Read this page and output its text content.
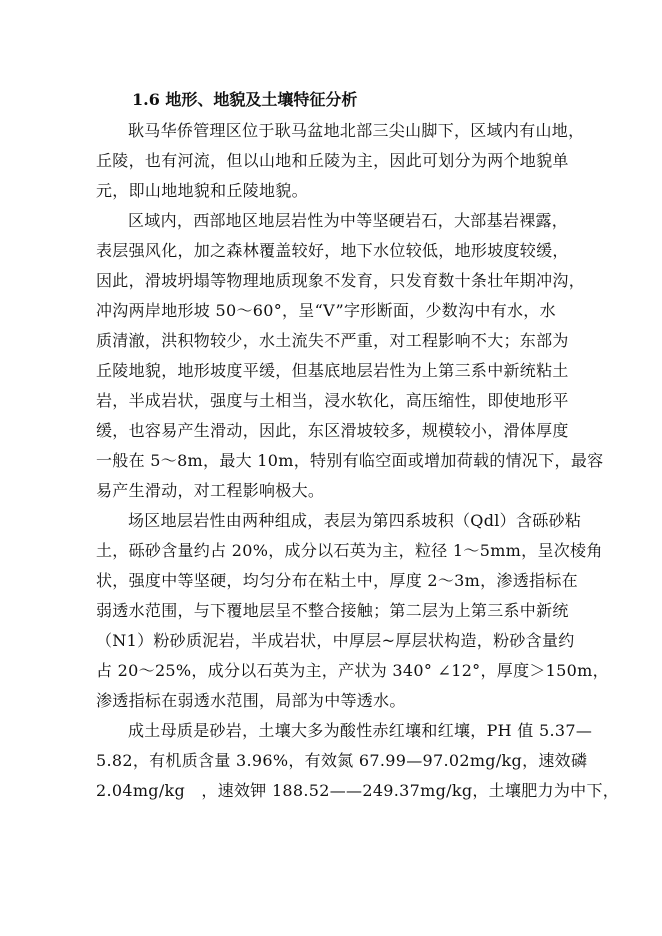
1.6 地形、地貌及土壤特征分析
耿马华侨管理区位于耿马盆地北部三尖山脚下，区域内有山地，
丘陵，也有河流，但以山地和丘陵为主，因此可划分为两个地貌单
元，即山地地貌和丘陵地貌。
区域内，西部地区地层岩性为中等坚硬岩石，大部基岩裸露，
表层强风化，加之森林覆盖较好，地下水位较低，地形坡度较缓，
因此，滑坡坍塌等物理地质现象不发育，只发育数十条壮年期冲沟，
冲沟两岸地形坡 50～60°，呈“V”字形断面，少数沟中有水，水
质清澈，洪积物较少，水土流失不严重，对工程影响不大；东部为
丘陵地貌，地形坡度平缓，但基底地层岩性为上第三系中新统粘土
岩，半成岩状，强度与土相当，浸水软化，高压缩性，即使地形平
缓，也容易产生滑动，因此，东区滑坡较多，规模较小，滑体厚度
一般在 5～8m，最大 10m，特别有临空面或增加荷载的情况下，最容
易产生滑动，对工程影响极大。
场区地层岩性由两种组成，表层为第四系坡积（Qdl）含砾砂粘
土，砾砂含量约占 20%，成分以石英为主，粒径 1～5mm，呈次棱角
状，强度中等坚硬，均匀分布在粘土中，厚度 2～3m，渗透指标在
弱透水范围，与下覆地层呈不整合接触；第二层为上第三系中新统
（N1）粉砂质泥岩，半成岩状，中厚层~厚层状构造，粉砂含量约
占 20～25%，成分以石英为主，产状为 340° ∠12°，厚度＞150m，
渗透指标在弱透水范围，局部为中等透水。
成土母质是砂岩，土壤大多为酸性赤红壤和红壤，PH 值 5.37—
5.82，有机质含量 3.96%，有效氮 67.99—97.02mg/kg，速效磷
2.04mg/kg　，速效钾 188.52——249.37mg/kg，土壤肥力为中下，
